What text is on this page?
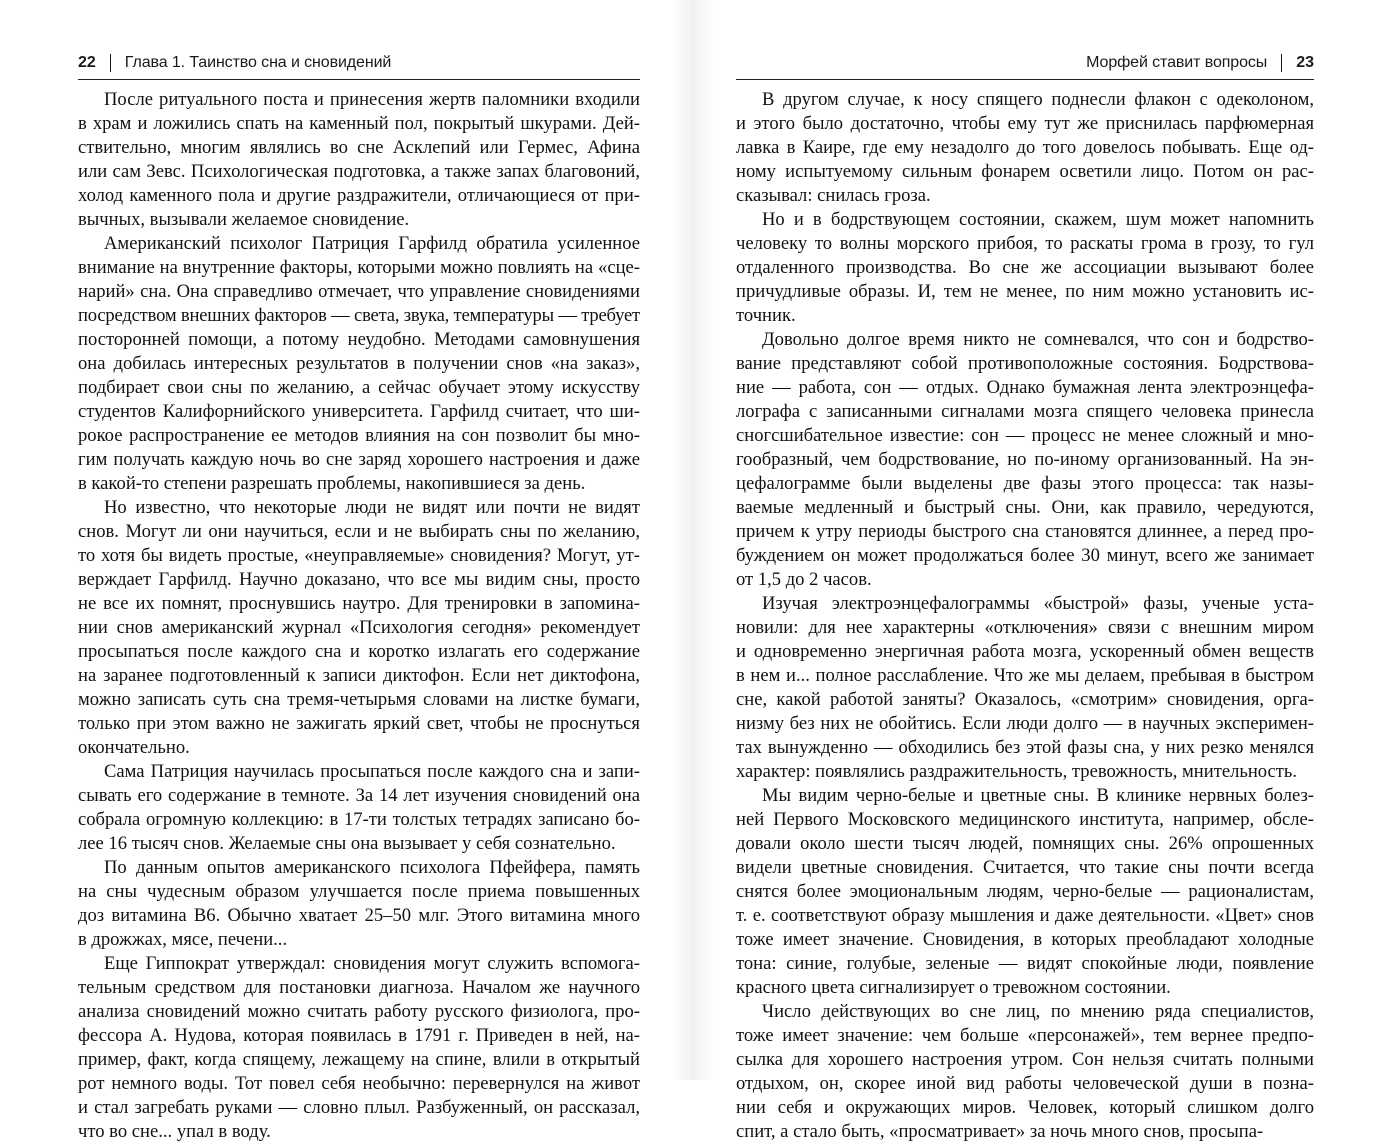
22 Глава 1. Таинство сна и сновидений
После ритуального поста и принесения жертв паломники входили
в храм и ложились спать на каменный пол, покрытый шкурами. Дей-
ствительно, многим являлись во сне Асклепий или Гермес, Афина
или сам Зевс. Психологическая подготовка, а также запах благовоний,
холод каменного пола и другие раздражители, отличающиеся от при-
вычных, вызывали желаемое сновидение.
Американский психолог Патриция Гарфилд обратила усиленное
внимание на внутренние факторы, которыми можно повлиять на «сце-
нарий» сна. Она справедливо отмечает, что управление сновидениями
посредством внешних факторов — света, звука, температуры — требует
посторонней помощи, а потому неудобно. Методами самовнушения
она добилась интересных результатов в получении снов «на заказ»,
подбирает свои сны по желанию, а сейчас обучает этому искусству
студентов Калифорнийского университета. Гарфилд считает, что ши-
рокое распространение ее методов влияния на сон позволит бы мно-
гим получать каждую ночь во сне заряд хорошего настроения и даже
в какой-то степени разрешать проблемы, накопившиеся за день.
Но известно, что некоторые люди не видят или почти не видят
снов. Могут ли они научиться, если и не выбирать сны по желанию,
то хотя бы видеть простые, «неуправляемые» сновидения? Могут, ут-
верждает Гарфилд. Научно доказано, что все мы видим сны, просто
не все их помнят, проснувшись наутро. Для тренировки в запомина-
нии снов американский журнал «Психология сегодня» рекомендует
просыпаться после каждого сна и коротко излагать его содержание
на заранее подготовленный к записи диктофон. Если нет диктофона,
можно записать суть сна тремя-четырьмя словами на листке бумаги,
только при этом важно не зажигать яркий свет, чтобы не проснуться
окончательно.
Сама Патриция научилась просыпаться после каждого сна и запи-
сывать его содержание в темноте. За 14 лет изучения сновидений она
собрала огромную коллекцию: в 17-ти толстых тетрадях записано бо-
лее 16 тысяч снов. Желаемые сны она вызывает у себя сознательно.
По данным опытов американского психолога Пфейфера, память
на сны чудесным образом улучшается после приема повышенных
доз витамина В6. Обычно хватает 25–50 млг. Этого витамина много
в дрожжах, мясе, печени...
Еще Гиппократ утверждал: сновидения могут служить вспомога-
тельным средством для постановки диагноза. Началом же научного
анализа сновидений можно считать работу русского физиолога, про-
фессора А. Нудова, которая появилась в 1791 г. Приведен в ней, на-
пример, факт, когда спящему, лежащему на спине, влили в открытый
рот немного воды. Тот повел себя необычно: перевернулся на живот
и стал загребать руками — словно плыл. Разбуженный, он рассказал,
что во сне... упал в воду.
Морфей ставит вопросы 23
В другом случае, к носу спящего поднесли флакон с одеколоном,
и этого было достаточно, чтобы ему тут же приснилась парфюмерная
лавка в Каире, где ему незадолго до того довелось побывать. Еще од-
ному испытуемому сильным фонарем осветили лицо. Потом он рас-
сказывал: снилась гроза.
Но и в бодрствующем состоянии, скажем, шум может напомнить
человеку то волны морского прибоя, то раскаты грома в грозу, то гул
отдаленного производства. Во сне же ассоциации вызывают более
причудливые образы. И, тем не менее, по ним можно установить ис-
точник.
Довольно долгое время никто не сомневался, что сон и бодрство-
вание представляют собой противоположные состояния. Бодрствова-
ние — работа, сон — отдых. Однако бумажная лента электроэнцефа-
лографа с записанными сигналами мозга спящего человека принесла
сногсшибательное известие: сон — процесс не менее сложный и мно-
гообразный, чем бодрствование, но по-иному организованный. На эн-
цефалограмме были выделены две фазы этого процесса: так назы-
ваемые медленный и быстрый сны. Они, как правило, чередуются,
причем к утру периоды быстрого сна становятся длиннее, а перед про-
буждением он может продолжаться более 30 минут, всего же занимает
от 1,5 до 2 часов.
Изучая электроэнцефалограммы «быстрой» фазы, ученые уста-
новили: для нее характерны «отключения» связи с внешним миром
и одновременно энергичная работа мозга, ускоренный обмен веществ
в нем и... полное расслабление. Что же мы делаем, пребывая в быстром
сне, какой работой заняты? Оказалось, «смотрим» сновидения, орга-
низму без них не обойтись. Если люди долго — в научных эксперимен-
тах вынужденно — обходились без этой фазы сна, у них резко менялся
характер: появлялись раздражительность, тревожность, мнительность.
Мы видим черно-белые и цветные сны. В клинике нервных болез-
ней Первого Московского медицинского института, например, обсле-
довали около шести тысяч людей, помнящих сны. 26% опрошенных
видели цветные сновидения. Считается, что такие сны почти всегда
снятся более эмоциональным людям, черно-белые — рационалистам,
т. е. соответствуют образу мышления и даже деятельности. «Цвет» снов
тоже имеет значение. Сновидения, в которых преобладают холодные
тона: синие, голубые, зеленые — видят спокойные люди, появление
красного цвета сигнализирует о тревожном состоянии.
Число действующих во сне лиц, по мнению ряда специалистов,
тоже имеет значение: чем больше «персонажей», тем вернее предпо-
сылка для хорошего настроения утром. Сон нельзя считать полными
отдыхом, он, скорее иной вид работы человеческой души в позна-
нии себя и окружающих миров. Человек, который слишком долго
спит, а стало быть, «просматривает» за ночь много снов, просыпа-
